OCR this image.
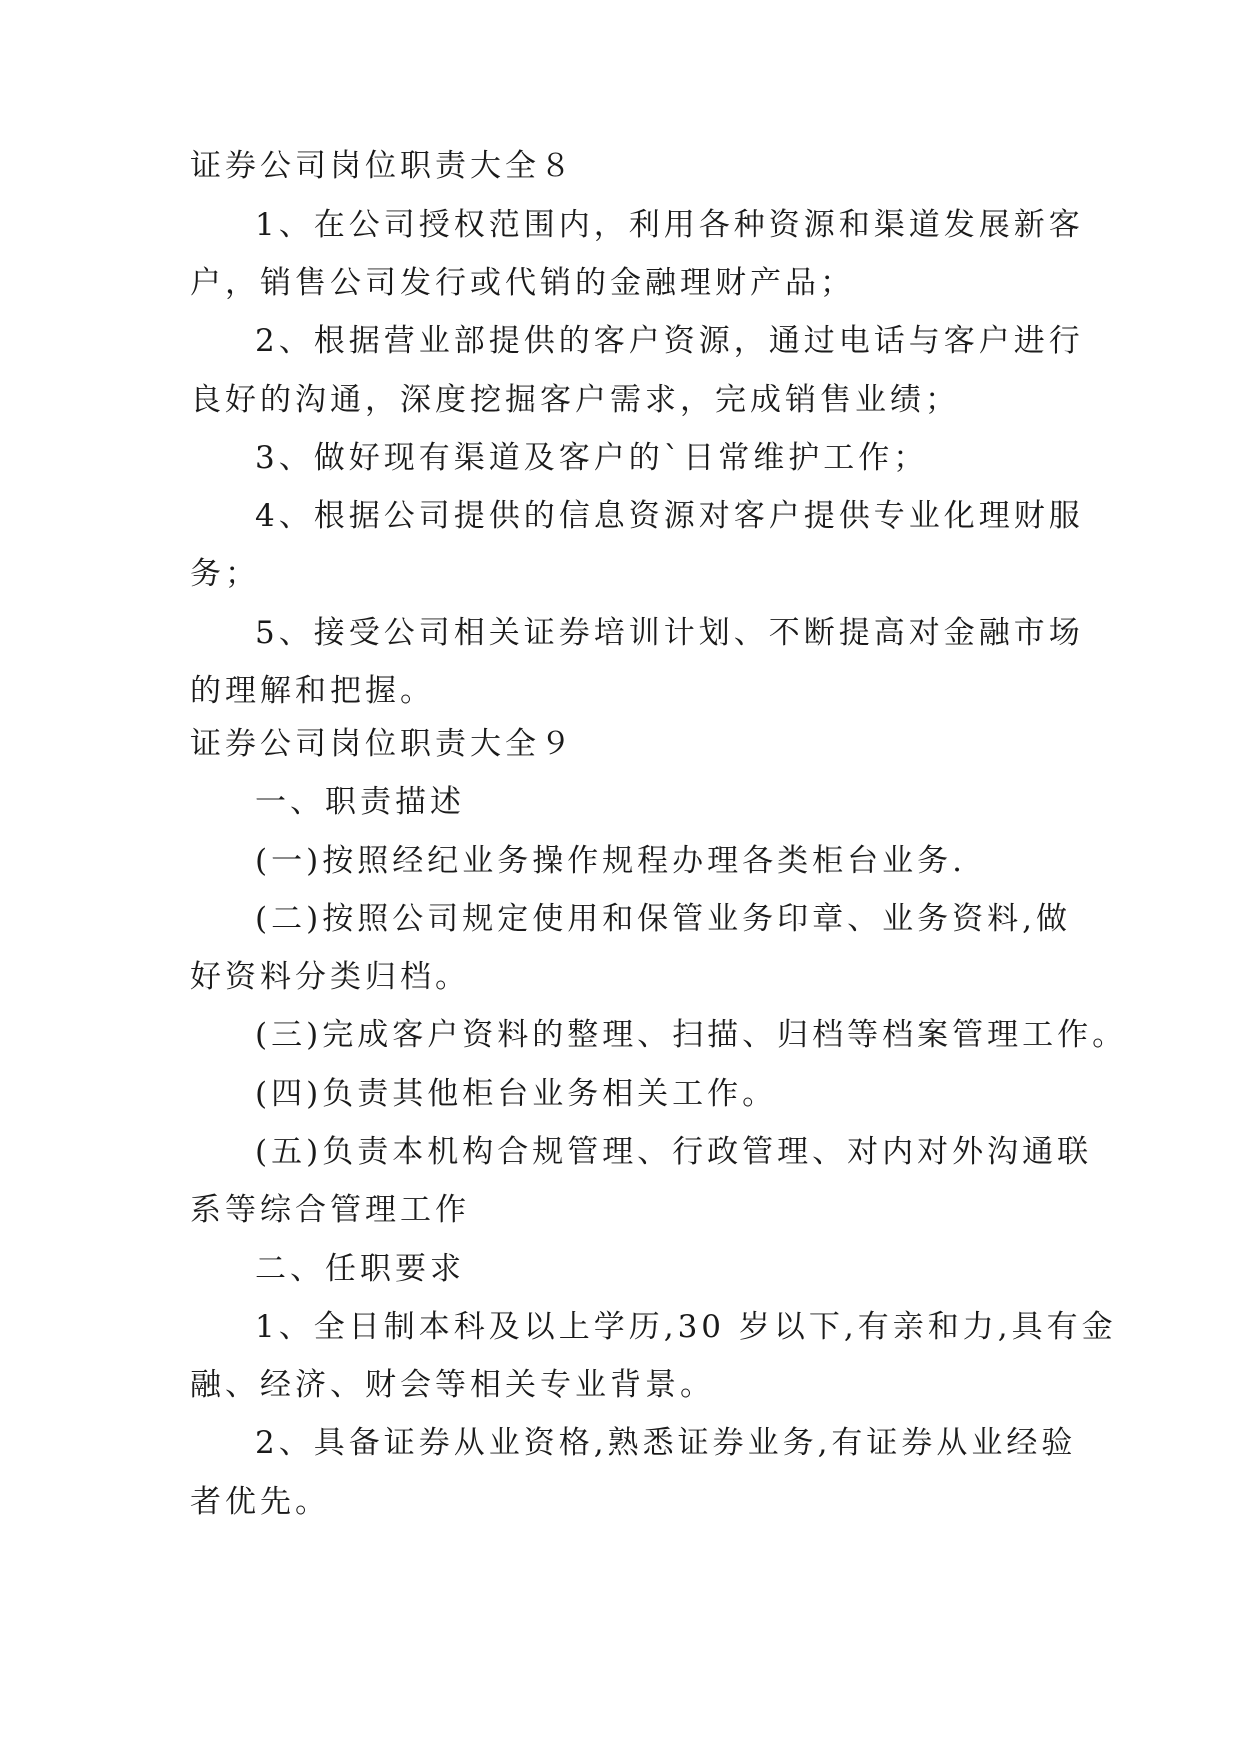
证券公司岗位职责大全８
1、在公司授权范围内，利用各种资源和渠道发展新客
户，销售公司发行或代销的金融理财产品；
2、根据营业部提供的客户资源，通过电话与客户进行
良好的沟通，深度挖掘客户需求，完成销售业绩；
3、做好现有渠道及客户的`日常维护工作；
4、根据公司提供的信息资源对客户提供专业化理财服
务；
5、接受公司相关证券培训计划、不断提高对金融市场
的理解和把握。
证券公司岗位职责大全９
一、职责描述
(一)按照经纪业务操作规程办理各类柜台业务.
(二)按照公司规定使用和保管业务印章、业务资料,做
好资料分类归档。
(三)完成客户资料的整理、扫描、归档等档案管理工作。
(四)负责其他柜台业务相关工作。
(五)负责本机构合规管理、行政管理、对内对外沟通联
系等综合管理工作
二、任职要求
1、全日制本科及以上学历,30 岁以下,有亲和力,具有金
融、经济、财会等相关专业背景。
2、具备证券从业资格,熟悉证券业务,有证券从业经验
者优先。
